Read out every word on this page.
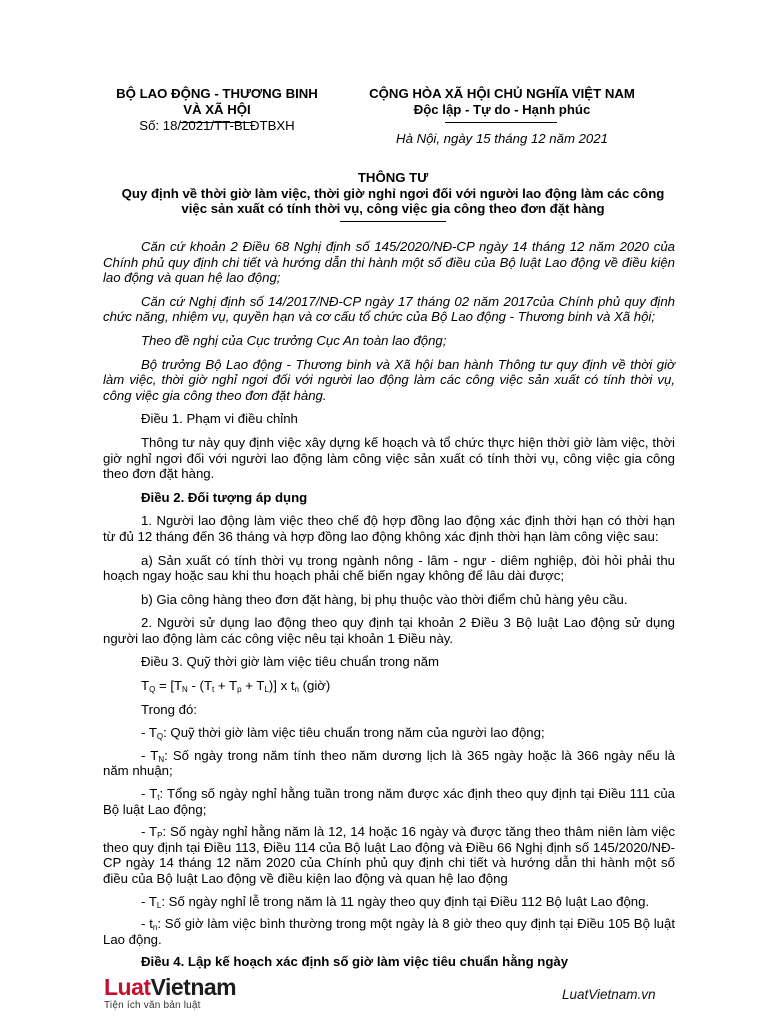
BỘ LAO ĐỘNG - THƯƠNG BINH
VÀ XÃ HỘI
Số: 18/2021/TT-BLĐTBXH
CỘNG HÒA XÃ HỘI CHỦ NGHĨA VIỆT NAM
Độc lập - Tự do - Hạnh phúc
Hà Nội, ngày 15 tháng 12 năm 2021
THÔNG TƯ
Quy định về thời giờ làm việc, thời giờ nghỉ ngơi đối với người lao động làm các công việc sản xuất có tính thời vụ, công việc gia công theo đơn đặt hàng

Căn cứ khoản 2 Điều 68 Nghị định số 145/2020/NĐ-CP ngày 14 tháng 12 năm 2020 của Chính phủ quy định chi tiết và hướng dẫn thi hành một số điều của Bộ luật Lao động về điều kiện lao động và quan hệ lao động;

Căn cứ Nghị định số 14/2017/NĐ-CP ngày 17 tháng 02 năm 2017của Chính phủ quy định chức năng, nhiệm vụ, quyền hạn và cơ cấu tổ chức của Bộ Lao động - Thương binh và Xã hội;

Theo đề nghị của Cục trưởng Cục An toàn lao động;

Bộ trưởng Bộ Lao động - Thương binh và Xã hội ban hành Thông tư quy định về thời giờ làm việc, thời giờ nghỉ ngơi đối với người lao động làm các công việc sản xuất có tính thời vụ, công việc gia công theo đơn đặt hàng.

Điều 1. Phạm vi điều chỉnh

Thông tư này quy định việc xây dựng kế hoạch và tổ chức thực hiện thời giờ làm việc, thời giờ nghỉ ngơi đối với người lao động làm công việc sản xuất có tính thời vụ, công việc gia công theo đơn đặt hàng.

Điều 2. Đối tượng áp dụng

1. Người lao động làm việc theo chế độ hợp đồng lao động xác định thời hạn có thời hạn từ đủ 12 tháng đến 36 tháng và hợp đồng lao động không xác định thời hạn làm công việc sau:

a) Sản xuất có tính thời vụ trong ngành nông - lâm - ngư - diêm nghiệp, đòi hỏi phải thu hoạch ngay hoặc sau khi thu hoạch phải chế biến ngay không để lâu dài được;

b) Gia công hàng theo đơn đặt hàng, bị phụ thuộc vào thời điểm chủ hàng yêu cầu.

2. Người sử dụng lao động theo quy định tại khoản 2 Điều 3 Bộ luật Lao động sử dụng người lao động làm các công việc nêu tại khoản 1 Điều này.

Điều 3. Quỹ thời giờ làm việc tiêu chuẩn trong năm

$T_Q = [T_N - (T_t + T_p + T_L)]$ x $t_n$ (giờ)

Trong đó:

- $T_Q$: Quỹ thời giờ làm việc tiêu chuẩn trong năm của người lao động;

- $T_N$: Số ngày trong năm tính theo năm dương lịch là 365 ngày hoặc là 366 ngày nếu là năm nhuận;

- $T_t$: Tổng số ngày nghỉ hằng tuần trong năm được xác định theo quy định tại Điều 111 của Bộ luật Lao động;

- $T_P$: Số ngày nghỉ hằng năm là 12, 14 hoặc 16 ngày và được tăng theo thâm niên làm việc theo quy định tại Điều 113, Điều 114 của Bộ luật Lao động và Điều 66 Nghị định số 145/2020/NĐ-CP ngày 14 tháng 12 năm 2020 của Chính phủ quy định chi tiết và hướng dẫn thi hành một số điều của Bộ luật Lao động về điều kiện lao động và quan hệ lao động

- $T_L$: Số ngày nghỉ lễ trong năm là 11 ngày theo quy định tại Điều 112 Bộ luật Lao động.

- $t_n$: Số giờ làm việc bình thường trong một ngày là 8 giờ theo quy định tại Điều 105 Bộ luật Lao động.

Điều 4. Lập kế hoạch xác định số giờ làm việc tiêu chuẩn hằng ngày

LuatVietnam
Tiện ích văn bản luật
LuatVietnam.vn
